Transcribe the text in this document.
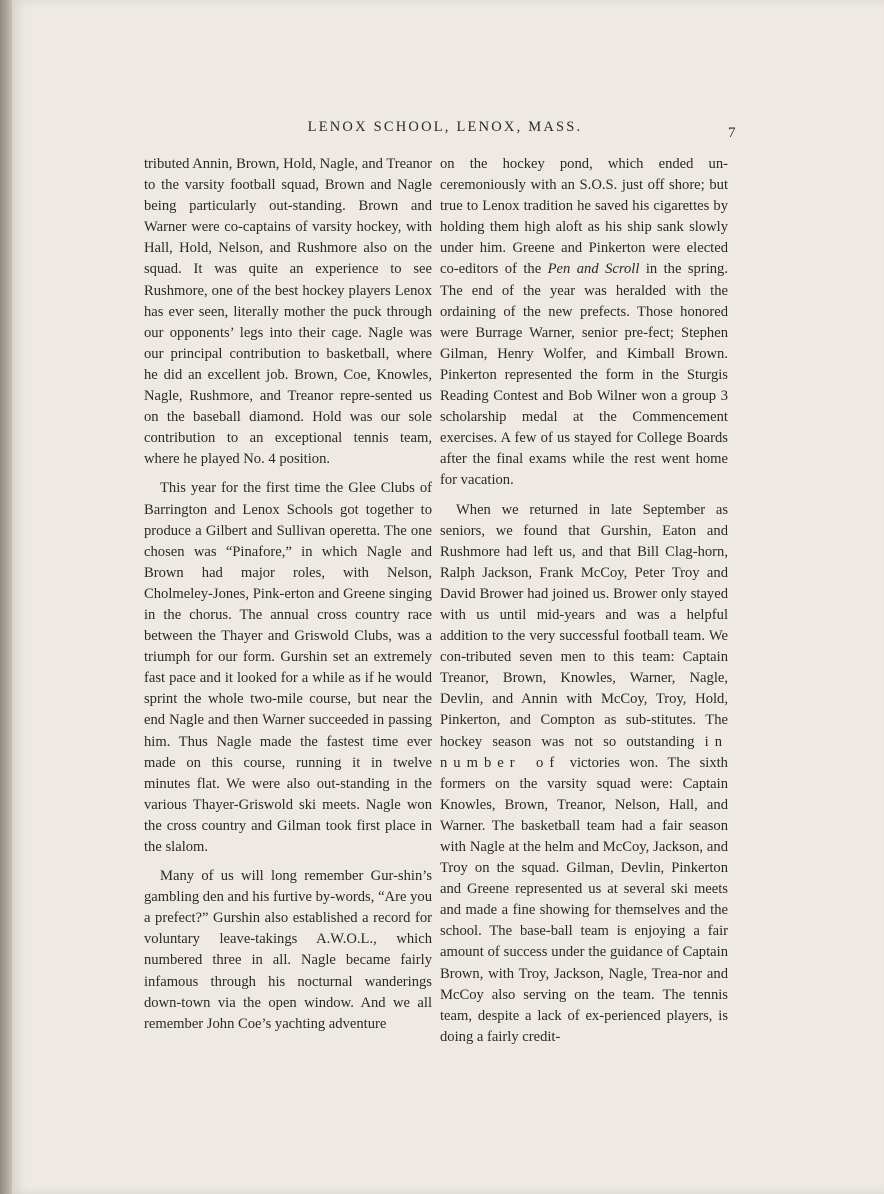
LENOX SCHOOL, LENOX, MASS.	7

tributed Annin, Brown, Hold, Nagle, and Treanor to the varsity football squad, Brown and Nagle being particularly out-standing. Brown and Warner were co-captains of varsity hockey, with Hall, Hold, Nelson, and Rushmore also on the squad. It was quite an experience to see Rushmore, one of the best hockey players Lenox has ever seen, literally mother the puck through our opponents’ legs into their cage. Nagle was our principal contribution to basketball, where he did an excellent job. Brown, Coe, Knowles, Nagle, Rushmore, and Treanor repre-sented us on the baseball diamond. Hold was our sole contribution to an exceptional tennis team, where he played No. 4 position.

This year for the first time the Glee Clubs of Barrington and Lenox Schools got together to produce a Gilbert and Sullivan operetta. The one chosen was “Pinafore,” in which Nagle and Brown had major roles, with Nelson, Cholmeley-Jones, Pink-erton and Greene singing in the chorus. The annual cross country race between the Thayer and Griswold Clubs, was a triumph for our form. Gurshin set an extremely fast pace and it looked for a while as if he would sprint the whole two-mile course, but near the end Nagle and then Warner succeeded in passing him. Thus Nagle made the fastest time ever made on this course, running it in twelve minutes flat. We were also out-standing in the various Thayer-Griswold ski meets. Nagle won the cross country and Gilman took first place in the slalom.

Many of us will long remember Gur-shin’s gambling den and his furtive by-words, “Are you a prefect?” Gurshin also established a record for voluntary leave-takings A.W.O.L., which numbered three in all. Nagle became fairly infamous through his nocturnal wanderings down-town via the open window. And we all remember John Coe’s yachting adventure

on the hockey pond, which ended un-ceremoniously with an S.O.S. just off shore; but true to Lenox tradition he saved his cigarettes by holding them high aloft as his ship sank slowly under him. Greene and Pinkerton were elected co-editors of the Pen and Scroll in the spring. The end of the year was heralded with the ordaining of the new prefects. Those honored were Burrage Warner, senior pre-fect; Stephen Gilman, Henry Wolfer, and Kimball Brown. Pinkerton represented the form in the Sturgis Reading Contest and Bob Wilner won a group 3 scholarship medal at the Commencement exercises. A few of us stayed for College Boards after the final exams while the rest went home for vacation.

When we returned in late September as seniors, we found that Gurshin, Eaton and Rushmore had left us, and that Bill Clag-horn, Ralph Jackson, Frank McCoy, Peter Troy and David Brower had joined us. Brower only stayed with us until mid-years and was a helpful addition to the very successful football team. We con-tributed seven men to this team: Captain Treanor, Brown, Knowles, Warner, Nagle, Devlin, and Annin with McCoy, Troy, Hold, Pinkerton, and Compton as sub-stitutes. The hockey season was not so outstanding in number of victories won. The sixth formers on the varsity squad were: Captain Knowles, Brown, Treanor, Nelson, Hall, and Warner. The basketball team had a fair season with Nagle at the helm and McCoy, Jackson, and Troy on the squad. Gilman, Devlin, Pinkerton and Greene represented us at several ski meets and made a fine showing for themselves and the school. The base-ball team is enjoying a fair amount of success under the guidance of Captain Brown, with Troy, Jackson, Nagle, Trea-nor and McCoy also serving on the team. The tennis team, despite a lack of ex-perienced players, is doing a fairly credit-
